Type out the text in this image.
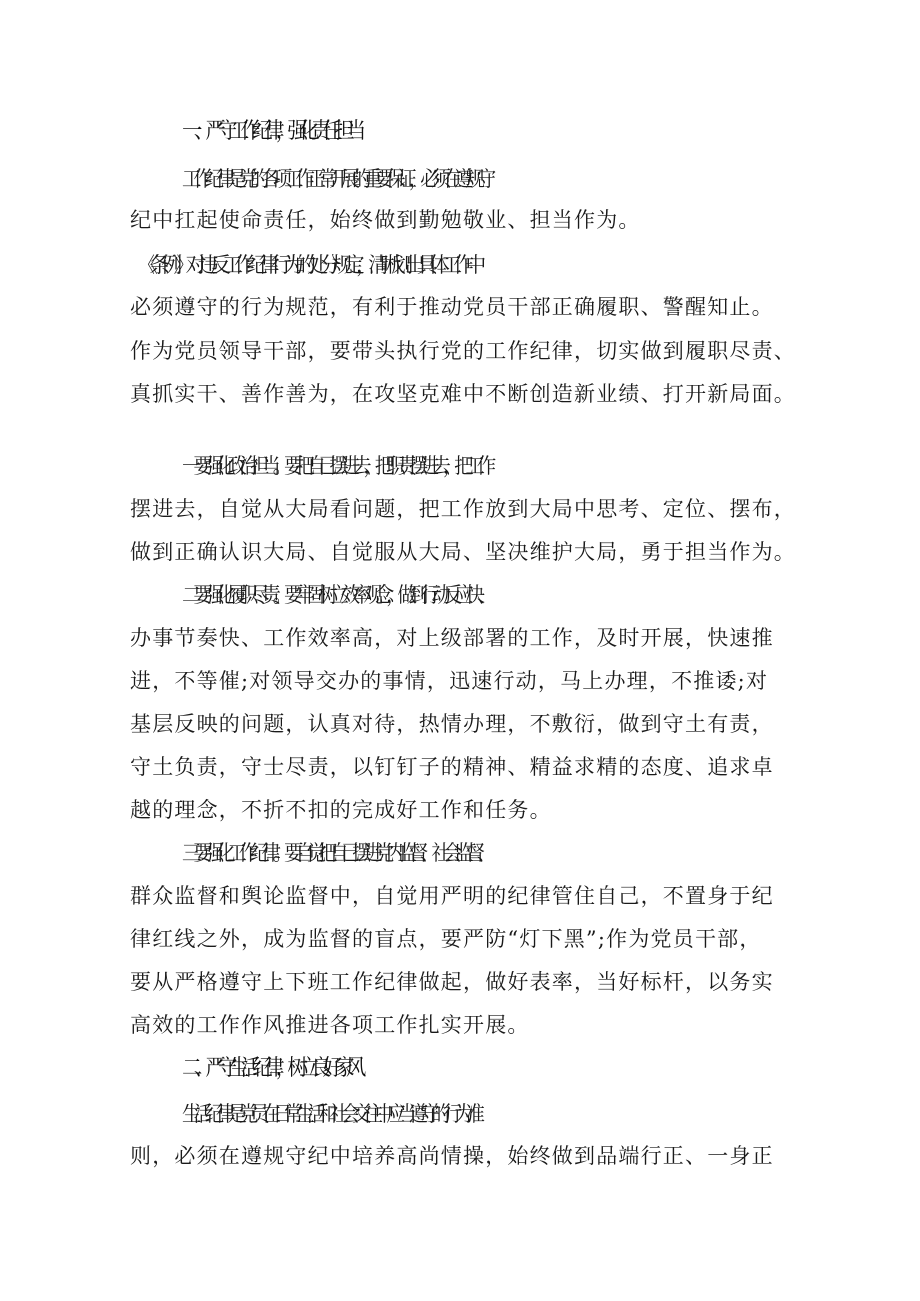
一、严守工作纪律，强化责任担当
工作纪律是党的各项工作正常开展的重要保证，必须在遵规守
纪中扛起使命责任，始终做到勤勉敬业、担当作为。
《条例》对违反工作纪律行为的处分规定，清晰划出具体工作中
必须遵守的行为规范，有利于推动党员干部正确履职、警醒知止。
作为党员领导干部，要带头执行党的工作纪律，切实做到履职尽责、
真抓实干、善作善为，在攻坚克难中不断创造新业绩、打开新局面。
一要强化政治担当。要把自己摆进去，把职责摆进去，把工作
摆进去，自觉从大局看问题，把工作放到大局中思考、定位、摆布，
做到正确认识大局、自觉服从大局、坚决维护大局，勇于担当作为。
二要强化履职尽责。要牢固树立效率观念，做到行动反应快、
办事节奏快、工作效率高，对上级部署的工作，及时开展，快速推
进，不等催;对领导交办的事情，迅速行动，马上办理，不推诿;对
基层反映的问题，认真对待，热情办理，不敷衍，做到守土有责，
守土负责，守士尽责，以钉钉子的精神、精益求精的态度、追求卓
越的理念，不折不扣的完成好工作和任务。
三要强化工作纪律。要自觉把自己摆进党内监督、社会监督、
群众监督和舆论监督中，自觉用严明的纪律管住自己，不置身于纪
律红线之外，成为监督的盲点，要严防“灯下黑”;作为党员干部，
要从严格遵守上下班工作纪律做起，做好表率，当好标杆，以务实
高效的工作作风推进各项工作扎实开展。
二、严守生活纪律，树立良好家风
生活纪律是党员在日常生活和社会交往中应当遵守的行为准
则，必须在遵规守纪中培养高尚情操，始终做到品端行正、一身正
